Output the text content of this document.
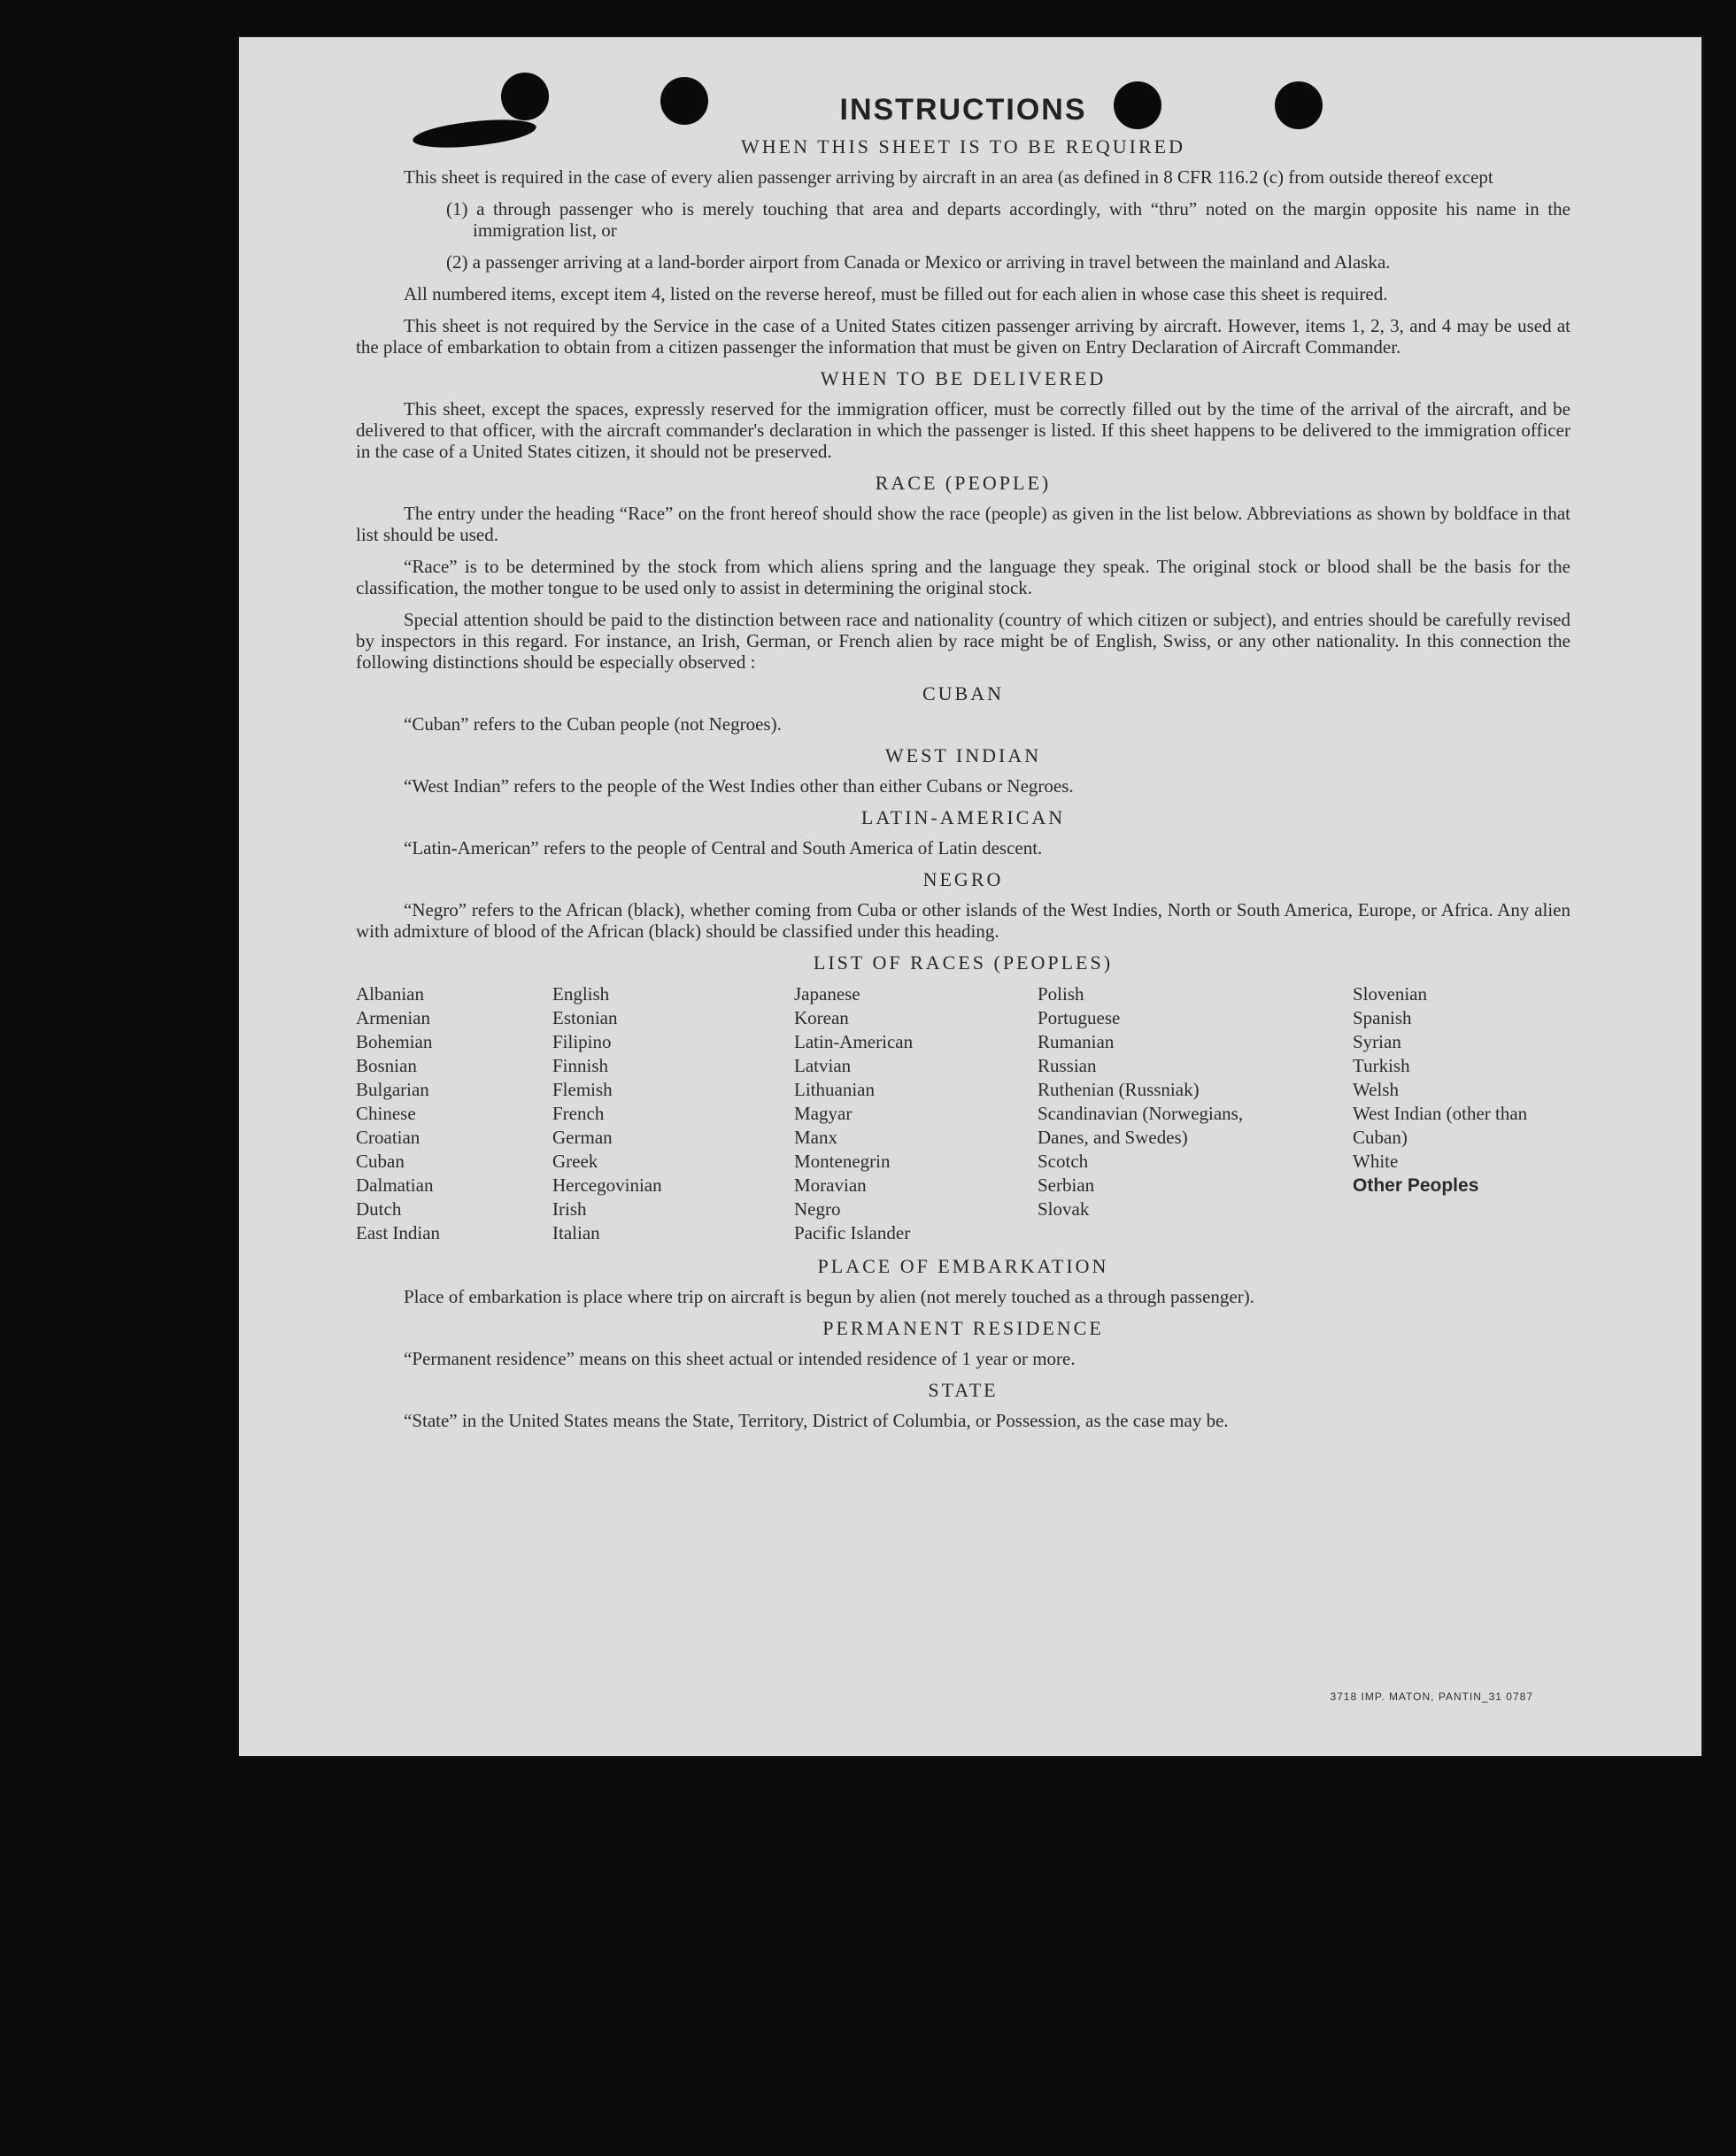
INSTRUCTIONS
WHEN THIS SHEET IS TO BE REQUIRED

This sheet is required in the case of every alien passenger arriving by aircraft in an area (as defined in 8 CFR 116.2 (c) from outside thereof except

(1) a through passenger who is merely touching that area and departs accordingly, with “thru” noted on the margin opposite his name in the immigration list, or

(2) a passenger arriving at a land-border airport from Canada or Mexico or arriving in travel between the mainland and Alaska.

All numbered items, except item 4, listed on the reverse hereof, must be filled out for each alien in whose case this sheet is required.

This sheet is not required by the Service in the case of a United States citizen passenger arriving by aircraft. However, items 1, 2, 3, and 4 may be used at the place of embarkation to obtain from a citizen passenger the information that must be given on Entry Declaration of Aircraft Commander.

WHEN TO BE DELIVERED

This sheet, except the spaces, expressly reserved for the immigration officer, must be correctly filled out by the time of the arrival of the aircraft, and be delivered to that officer, with the aircraft commander's declaration in which the passenger is listed. If this sheet happens to be delivered to the immigration officer in the case of a United States citizen, it should not be preserved.

RACE (PEOPLE)

The entry under the heading “Race” on the front hereof should show the race (people) as given in the list below. Abbreviations as shown by boldface in that list should be used.

“Race” is to be determined by the stock from which aliens spring and the language they speak. The original stock or blood shall be the basis for the classification, the mother tongue to be used only to assist in determining the original stock.

Special attention should be paid to the distinction between race and nationality (country of which citizen or subject), and entries should be carefully revised by inspectors in this regard. For instance, an Irish, German, or French alien by race might be of English, Swiss, or any other nationality. In this connection the following distinctions should be especially observed :

CUBAN

“Cuban” refers to the Cuban people (not Negroes).

WEST INDIAN

“West Indian” refers to the people of the West Indies other than either Cubans or Negroes.

LATIN-AMERICAN

“Latin-American” refers to the people of Central and South America of Latin descent.

NEGRO

“Negro” refers to the African (black), whether coming from Cuba or other islands of the West Indies, North or South America, Europe, or Africa. Any alien with admixture of blood of the African (black) should be classified under this heading.

LIST OF RACES (PEOPLES)
Albanian
Armenian
Bohemian
Bosnian
Bulgarian
Chinese
Croatian
Cuban
Dalmatian
Dutch
East Indian
English
Estonian
Filipino
Finnish
Flemish
French
German
Greek
Hercegovinian
Irish
Italian
Japanese
Korean
Latin-American
Latvian
Lithuanian
Magyar
Manx
Montenegrin
Moravian
Negro
Pacific Islander
Polish
Portuguese
Rumanian
Russian
Ruthenian (Russniak)
Scandinavian (Norwegians, Danes, and Swedes)
Scotch
Serbian
Slovak
Slovenian
Spanish
Syrian
Turkish
Welsh
West Indian (other than Cuban)
White
Other Peoples
PLACE OF EMBARKATION

Place of embarkation is place where trip on aircraft is begun by alien (not merely touched as a through passenger).

PERMANENT RESIDENCE

“Permanent residence” means on this sheet actual or intended residence of 1 year or more.

STATE

“State” in the United States means the State, Territory, District of Columbia, or Possession, as the case may be.

3718 IMP. MATON, PANTIN_31 0787
